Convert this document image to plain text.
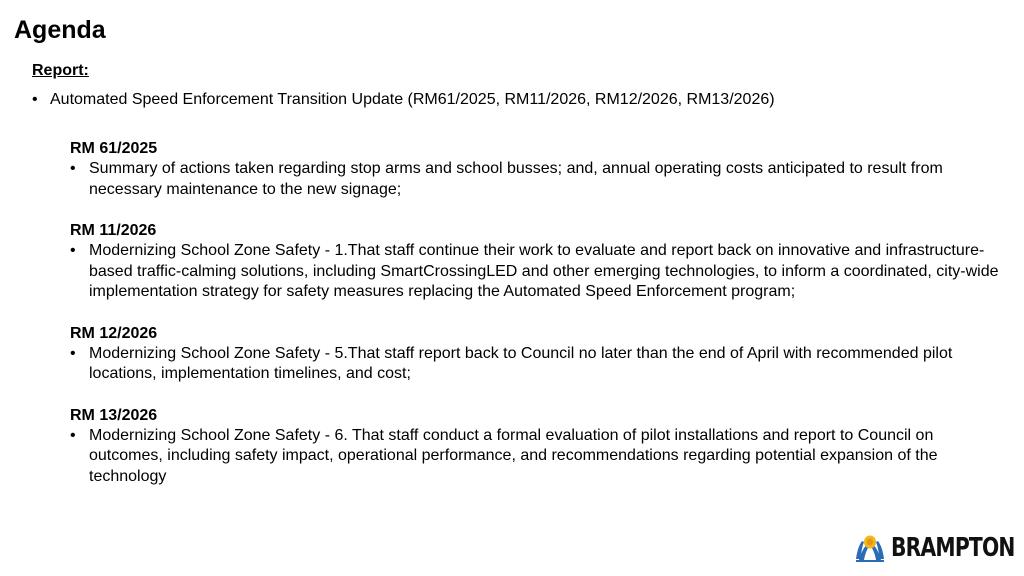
Agenda
Report:
• Automated Speed Enforcement Transition Update (RM61/2025, RM11/2026, RM12/2026, RM13/2026)
RM 61/2025
• Summary of actions taken regarding stop arms and school busses; and, annual operating costs anticipated to result from necessary maintenance to the new signage;
RM 11/2026
• Modernizing School Zone Safety - 1.That staff continue their work to evaluate and report back on innovative and infrastructure-based traffic-calming solutions, including SmartCrossingLED and other emerging technologies, to inform a coordinated, city-wide implementation strategy for safety measures replacing the Automated Speed Enforcement program;
RM 12/2026
• Modernizing School Zone Safety - 5.That staff report back to Council no later than the end of April with recommended pilot locations, implementation timelines, and cost;
RM 13/2026
• Modernizing School Zone Safety - 6. That staff conduct a formal evaluation of pilot installations and report to Council on outcomes, including safety impact, operational performance, and recommendations regarding potential expansion of the technology
BRAMPTON
